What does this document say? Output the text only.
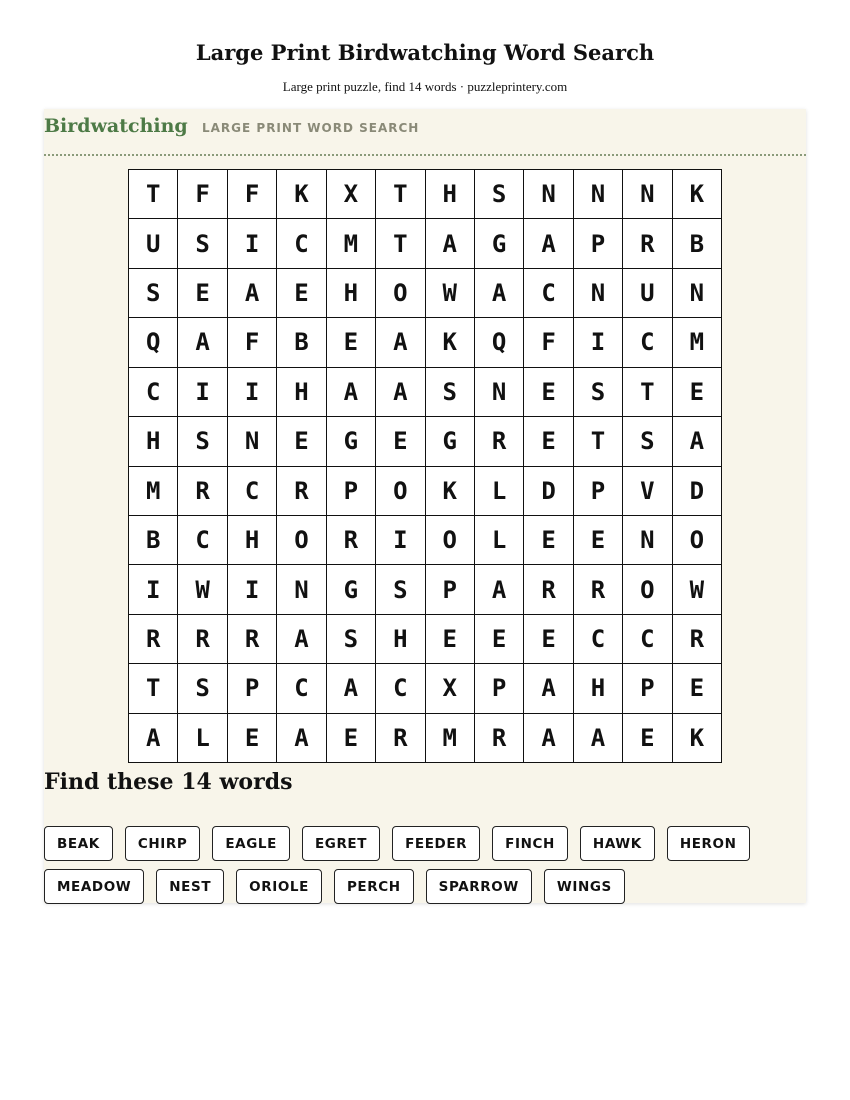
Large Print Birdwatching Word Search
Large print puzzle, find 14 words · puzzleprintery.com
Birdwatching LARGE PRINT WORD SEARCH
T	F	F	K	X	T	H	S	N	N	N	K
U	S	I	C	M	T	A	G	A	P	R	B
S	E	A	E	H	O	W	A	C	N	U	N
Q	A	F	B	E	A	K	Q	F	I	C	M
C	I	I	H	A	A	S	N	E	S	T	E
H	S	N	E	G	E	G	R	E	T	S	A
M	R	C	R	P	O	K	L	D	P	V	D
B	C	H	O	R	I	O	L	E	E	N	O
I	W	I	N	G	S	P	A	R	R	O	W
R	R	R	A	S	H	E	E	E	C	C	R
T	S	P	C	A	C	X	P	A	H	P	E
A	L	E	A	E	R	M	R	A	A	E	K
Find these 14 words
BEAK	CHIRP	EAGLE	EGRET	FEEDER	FINCH	HAWK	HERON
MEADOW	NEST	ORIOLE	PERCH	SPARROW	WINGS
